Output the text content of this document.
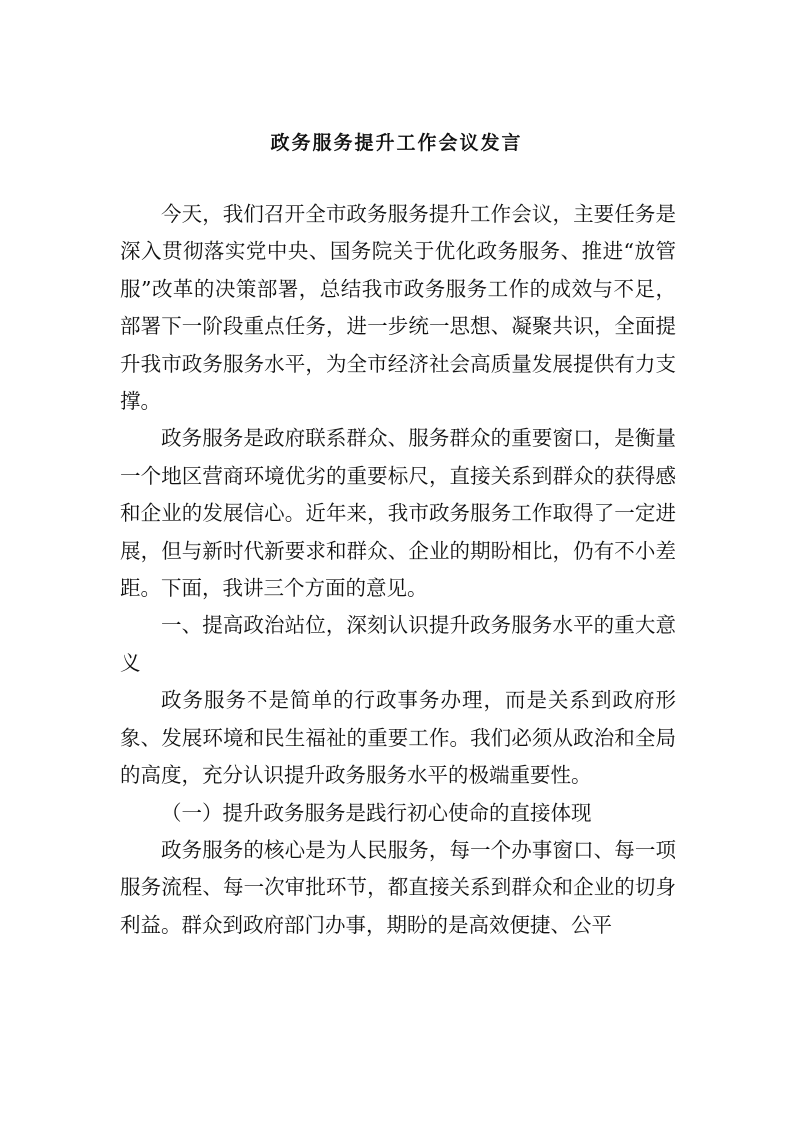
政务服务提升工作会议发言

今天，我们召开全市政务服务提升工作会议，主要任务是深入贯彻落实党中央、国务院关于优化政务服务、推进“放管服”改革的决策部署，总结我市政务服务工作的成效与不足，部署下一阶段重点任务，进一步统一思想、凝聚共识，全面提升我市政务服务水平，为全市经济社会高质量发展提供有力支撑。

政务服务是政府联系群众、服务群众的重要窗口，是衡量一个地区营商环境优劣的重要标尺，直接关系到群众的获得感和企业的发展信心。近年来，我市政务服务工作取得了一定进展，但与新时代新要求和群众、企业的期盼相比，仍有不小差距。下面，我讲三个方面的意见。

一、提高政治站位，深刻认识提升政务服务水平的重大意义

政务服务不是简单的行政事务办理，而是关系到政府形象、发展环境和民生福祉的重要工作。我们必须从政治和全局的高度，充分认识提升政务服务水平的极端重要性。

（一）提升政务服务是践行初心使命的直接体现

政务服务的核心是为人民服务，每一个办事窗口、每一项服务流程、每一次审批环节，都直接关系到群众和企业的切身利益。群众到政府部门办事，期盼的是高效便捷、公平
